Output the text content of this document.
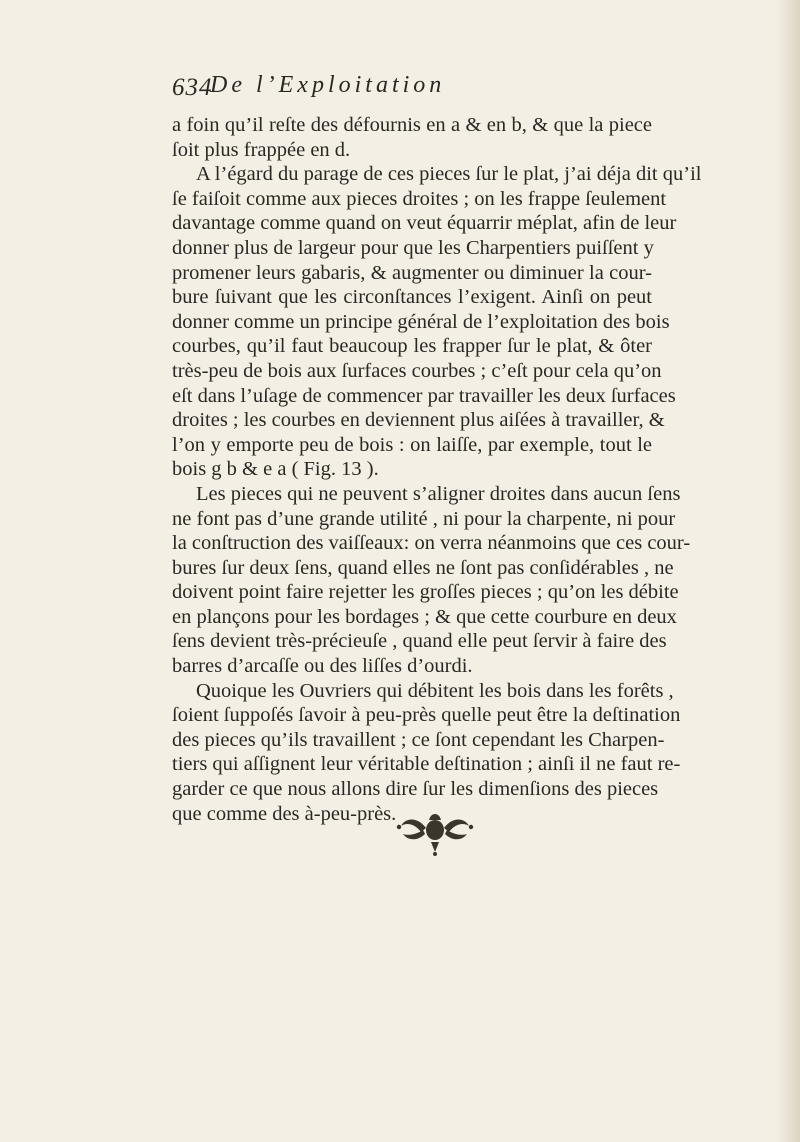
634
De l’Exploitation
a foin qu’il reſte des défournis en a & en b, & que la piece
ſoit plus frappée en d.
A l’égard du parage de ces pieces ſur le plat, j’ai déja dit qu’il
ſe faiſoit comme aux pieces droites ; on les frappe ſeulement
davantage comme quand on veut équarrir méplat, afin de leur
donner plus de largeur pour que les Charpentiers puiſſent y
promener leurs gabaris, & augmenter ou diminuer la cour-
bure ſuivant que les circonſtances l’exigent. Ainſi on peut
donner comme un principe général de l’exploitation des bois
courbes, qu’il faut beaucoup les frapper ſur le plat, & ôter
très-peu de bois aux ſurfaces courbes ; c’eſt pour cela qu’on
eſt dans l’uſage de commencer par travailler les deux ſurfaces
droites ; les courbes en deviennent plus aiſées à travailler, &
l’on y emporte peu de bois : on laiſſe, par exemple, tout le
bois g b & e a ( Fig. 13 ).
Les pieces qui ne peuvent s’aligner droites dans aucun ſens
ne font pas d’une grande utilité , ni pour la charpente, ni pour
la conſtruction des vaiſſeaux: on verra néanmoins que ces cour-
bures ſur deux ſens, quand elles ne ſont pas conſidérables , ne
doivent point faire rejetter les groſſes pieces ; qu’on les débite
en plançons pour les bordages ; & que cette courbure en deux
ſens devient très-précieuſe , quand elle peut ſervir à faire des
barres d’arcaſſe ou des liſſes d’ourdi.
Quoique les Ouvriers qui débitent les bois dans les forêts ,
ſoient ſuppoſés ſavoir à peu-près quelle peut être la deſtination
des pieces qu’ils travaillent ; ce ſont cependant les Charpen-
tiers qui aſſignent leur véritable deſtination ; ainſi il ne faut re-
garder ce que nous allons dire ſur les dimenſions des pieces
que comme des à-peu-près.
